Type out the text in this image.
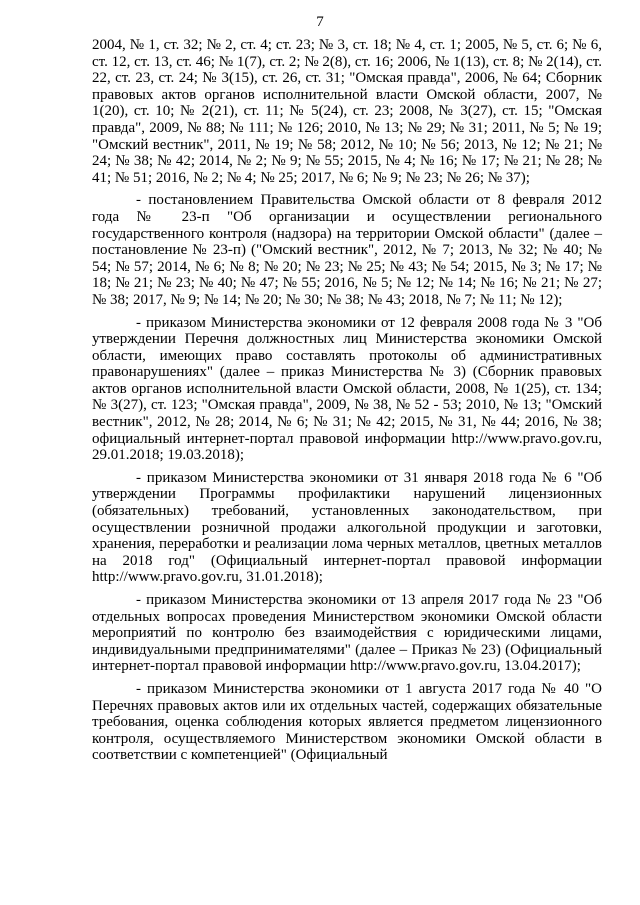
7

2004, № 1, ст. 32; № 2, ст. 4; ст. 23; № 3, ст. 18; № 4, ст. 1; 2005, № 5, ст. 6; № 6, ст. 12, ст. 13, ст. 46; № 1(7), ст. 2; № 2(8), ст. 16; 2006, № 1(13), ст. 8; № 2(14), ст. 22, ст. 23, ст. 24; № 3(15), ст. 26, ст. 31; "Омская правда", 2006, № 64; Сборник правовых актов органов исполнительной власти Омской области, 2007, № 1(20), ст. 10; № 2(21), ст. 11; № 5(24), ст. 23; 2008, № 3(27), ст. 15; "Омская правда", 2009, № 88; № 111; № 126; 2010, № 13; № 29; № 31; 2011, № 5; № 19; "Омский вестник", 2011, № 19; № 58; 2012, № 10; № 56; 2013, № 12; № 21; № 24; № 38; № 42; 2014, № 2; № 9; № 55; 2015, № 4; № 16; № 17; № 21; № 28; № 41; № 51; 2016, № 2; № 4; № 25; 2017, № 6; № 9; № 23; № 26; № 37);

- постановлением Правительства Омской области от 8 февраля 2012 года № 23-п "Об организации и осуществлении регионального государственного контроля (надзора) на территории Омской области" (далее – постановление № 23-п) ("Омский вестник", 2012, № 7; 2013, № 32; № 40; № 54; № 57; 2014, № 6; № 8; № 20; № 23; № 25; № 43; № 54; 2015, № 3; № 17; № 18; № 21; № 23; № 40; № 47; № 55; 2016, № 5; № 12; № 14; № 16; № 21; № 27; № 38; 2017, № 9; № 14; № 20; № 30; № 38; № 43; 2018, № 7; № 11; № 12);

- приказом Министерства экономики от 12 февраля 2008 года № 3 "Об утверждении Перечня должностных лиц Министерства экономики Омской области, имеющих право составлять протоколы об административных правонарушениях" (далее – приказ Министерства № 3) (Сборник правовых актов органов исполнительной власти Омской области, 2008, № 1(25), ст. 134; № 3(27), ст. 123; "Омская правда", 2009, № 38, № 52 - 53; 2010, № 13; "Омский вестник", 2012, № 28; 2014, № 6; № 31; № 42; 2015, № 31, № 44; 2016, № 38; официальный интернет-портал правовой информации http://www.pravo.gov.ru, 29.01.2018; 19.03.2018);

- приказом Министерства экономики от 31 января 2018 года № 6 "Об утверждении Программы профилактики нарушений лицензионных (обязательных) требований, установленных законодательством, при осуществлении розничной продажи алкогольной продукции и заготовки, хранения, переработки и реализации лома черных металлов, цветных металлов на 2018 год" (Официальный интернет-портал правовой информации http://www.pravo.gov.ru, 31.01.2018);

- приказом Министерства экономики от 13 апреля 2017 года № 23 "Об отдельных вопросах проведения Министерством экономики Омской области мероприятий по контролю без взаимодействия с юридическими лицами, индивидуальными предпринимателями" (далее – Приказ № 23) (Официальный интернет-портал правовой информации http://www.pravo.gov.ru, 13.04.2017);

- приказом Министерства экономики от 1 августа 2017 года № 40 "О Перечнях правовых актов или их отдельных частей, содержащих обязательные требования, оценка соблюдения которых является предметом лицензионного контроля, осуществляемого Министерством экономики Омской области в соответствии с компетенцией" (Официальный
